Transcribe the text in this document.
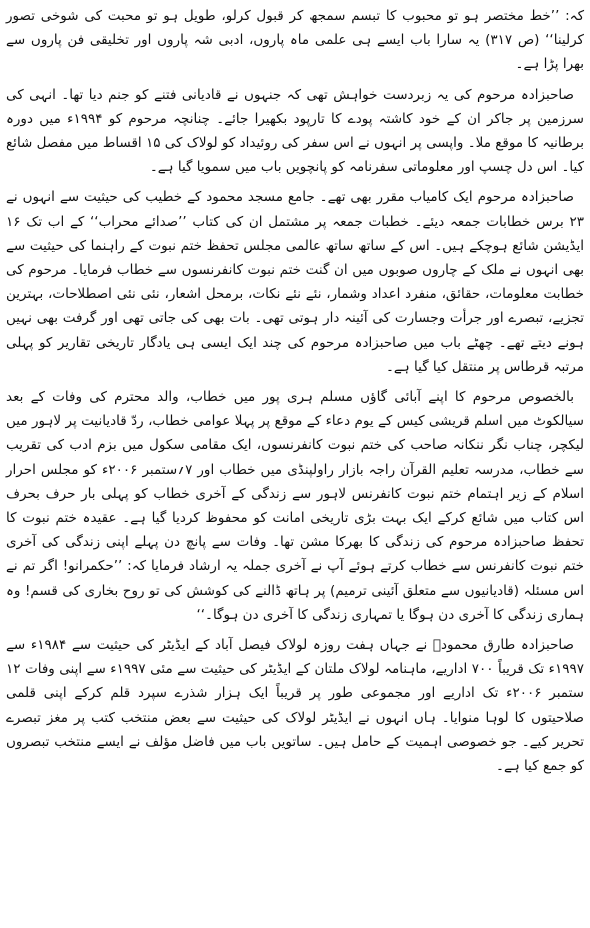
کہ: ’’خط مختصر ہو تو محبوب کا تبسم سمجھ کر قبول کرلو، طویل ہو تو محبت کی شوخی تصور کرلینا‘‘ (ص ۳۱۷) یہ سارا باب ایسے ہی علمی ماہ پاروں، ادبی شہ پاروں اور تخلیقی فن پاروں سے بھرا پڑا ہے۔

صاحبزادہ مرحوم کی یہ زبردست خواہش تھی کہ جنہوں نے قادیانی فتنے کو جنم دیا تھا۔ انہی کی سرزمین پر جاکر ان کے خود کاشتہ پودے کا تارپود بکھیرا جائے۔ چنانچہ مرحوم کو ۱۹۹۴ء میں دورہ برطانیہ کا موقع ملا۔ واپسی پر انہوں نے اس سفر کی روئیداد کو لولاک کی ۱۵ اقساط میں مفصل شائع کیا۔ اس دل چسپ اور معلوماتی سفرنامہ کو پانچویں باب میں سمویا گیا ہے۔

صاحبزادہ مرحوم ایک کامیاب مقرر بھی تھے۔ جامع مسجد محمود کے خطیب کی حیثیت سے انہوں نے ۲۳ برس خطابات جمعہ دیئے۔ خطبات جمعہ پر مشتمل ان کی کتاب ’’صدائے محراب‘‘ کے اب تک ۱۶ ایڈیشن شائع ہوچکے ہیں۔ اس کے ساتھ ساتھ عالمی مجلس تحفظ ختم نبوت کے راہنما کی حیثیت سے بھی انہوں نے ملک کے چاروں صوبوں میں ان گنت ختم نبوت کانفرنسوں سے خطاب فرمایا۔ مرحوم کی خطابت معلومات، حقائق، منفرد اعداد وشمار، نئے نئے نکات، برمحل اشعار، نئی نئی اصطلاحات، بہترین تجزیے، تبصرے اور جرأت وجسارت کی آئینہ دار ہوتی تھی۔ بات بھی کی جاتی تھی اور گرفت بھی نہیں ہونے دیتے تھے۔ چھٹے باب میں صاحبزادہ مرحوم کی چند ایک ایسی ہی یادگار تاریخی تقاریر کو پہلی مرتبہ قرطاس پر منتقل کیا گیا ہے۔

بالخصوص مرحوم کا اپنے آبائی گاؤں مسلم ہری پور میں خطاب، والد محترم کی وفات کے بعد سیالکوٹ میں اسلم قریشی کیس کے یوم دعاء کے موقع پر پہلا عوامی خطاب، ردّ قادیانیت پر لاہور میں لیکچر، چناب نگر ننکانہ صاحب کی ختم نبوت کانفرنسوں، ایک مقامی سکول میں بزم ادب کی تقریب سے خطاب، مدرسہ تعلیم القرآن راجہ بازار راولپنڈی میں خطاب اور ۷؍ستمبر ۲۰۰۶ء کو مجلس احرار اسلام کے زیر اہتمام ختم نبوت کانفرنس لاہور سے زندگی کے آخری خطاب کو پہلی بار حرف بحرف اس کتاب میں شائع کرکے ایک بہت بڑی تاریخی امانت کو محفوظ کردیا گیا ہے۔ عقیدہ ختم نبوت کا تحفظ صاحبزادہ مرحوم کی زندگی کا بھرکا مشن تھا۔ وفات سے پانچ دن پہلے اپنی زندگی کی آخری ختم نبوت کانفرنس سے خطاب کرتے ہوئے آپ نے آخری جملہ یہ ارشاد فرمایا کہ: ’’حکمرانو! اگر تم نے اس مسئلہ (قادیانیوں سے متعلق آئینی ترمیم) پر ہاتھ ڈالنے کی کوشش کی تو روح بخاری کی قسم! وہ ہماری زندگی کا آخری دن ہوگا یا تمہاری زندگی کا آخری دن ہوگا۔‘‘

صاحبزادہ طارق محمودؒ نے جہاں ہفت روزہ لولاک فیصل آباد کے ایڈیٹر کی حیثیت سے ۱۹۸۴ء سے ۱۹۹۷ء تک قریباً ۷۰۰ اداریے، ماہنامہ لولاک ملتان کے ایڈیٹر کی حیثیت سے مئی ۱۹۹۷ء سے اپنی وفات ۱۲ ستمبر ۲۰۰۶ء تک اداریے اور مجموعی طور پر قریباً ایک ہزار شذرے سپرد قلم کرکے اپنی قلمی صلاحیتوں کا لوہا منوایا۔ ہاں انہوں نے ایڈیٹر لولاک کی حیثیت سے بعض منتخب کتب پر مغز تبصرے تحریر کیے۔ جو خصوصی اہمیت کے حامل ہیں۔ ساتویں باب میں فاضل مؤلف نے ایسے منتخب تبصروں کو جمع کیا ہے۔
